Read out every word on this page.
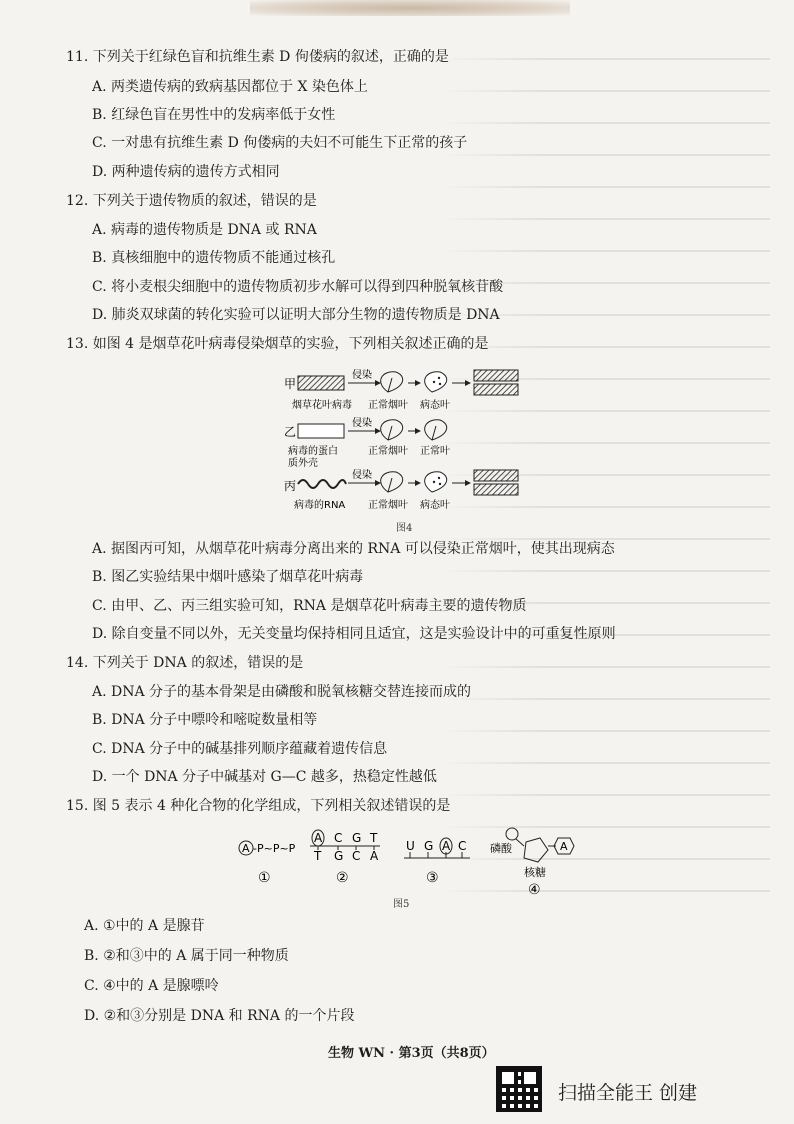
11. 下列关于红绿色盲和抗维生素 D 佝偻病的叙述，正确的是
A. 两类遗传病的致病基因都位于 X 染色体上
B. 红绿色盲在男性中的发病率低于女性
C. 一对患有抗维生素 D 佝偻病的夫妇不可能生下正常的孩子
D. 两种遗传病的遗传方式相同
12. 下列关于遗传物质的叙述，错误的是
A. 病毒的遗传物质是 DNA 或 RNA
B. 真核细胞中的遗传物质不能通过核孔
C. 将小麦根尖细胞中的遗传物质初步水解可以得到四种脱氧核苷酸
D. 肺炎双球菌的转化实验可以证明大部分生物的遗传物质是 DNA
13. 如图 4 是烟草花叶病毒侵染烟草的实验，下列相关叙述正确的是
甲
侵染
烟草花叶病毒 正常烟叶 病态叶
乙
侵染
病毒的蛋白
质外壳
正常烟叶 正常叶
丙
侵染
病毒的RNA 正常烟叶 病态叶
图4
A. 据图丙可知，从烟草花叶病毒分离出来的 RNA 可以侵染正常烟叶，使其出现病态
B. 图乙实验结果中烟叶感染了烟草花叶病毒
C. 由甲、乙、丙三组实验可知，RNA 是烟草花叶病毒主要的遗传物质
D. 除自变量不同以外，无关变量均保持相同且适宜，这是实验设计中的可重复性原则
14. 下列关于 DNA 的叙述，错误的是
A. DNA 分子的基本骨架是由磷酸和脱氧核糖交替连接而成的
B. DNA 分子中嘌呤和嘧啶数量相等
C. DNA 分子中的碱基排列顺序蕴藏着遗传信息
D. 一个 DNA 分子中碱基对 G—C 越多，热稳定性越低
15. 图 5 表示 4 种化合物的化学组成，下列相关叙述错误的是
A -P~P~P
①
A C G T
T G C A
②
U G A C
③
A
磷酸
核糖
④
图5
A. ①中的 A 是腺苷
B. ②和③中的 A 属于同一种物质
C. ④中的 A 是腺嘌呤
D. ②和③分别是 DNA 和 RNA 的一个片段
生物 WN · 第3页（共8页）
扫描全能王 创建
